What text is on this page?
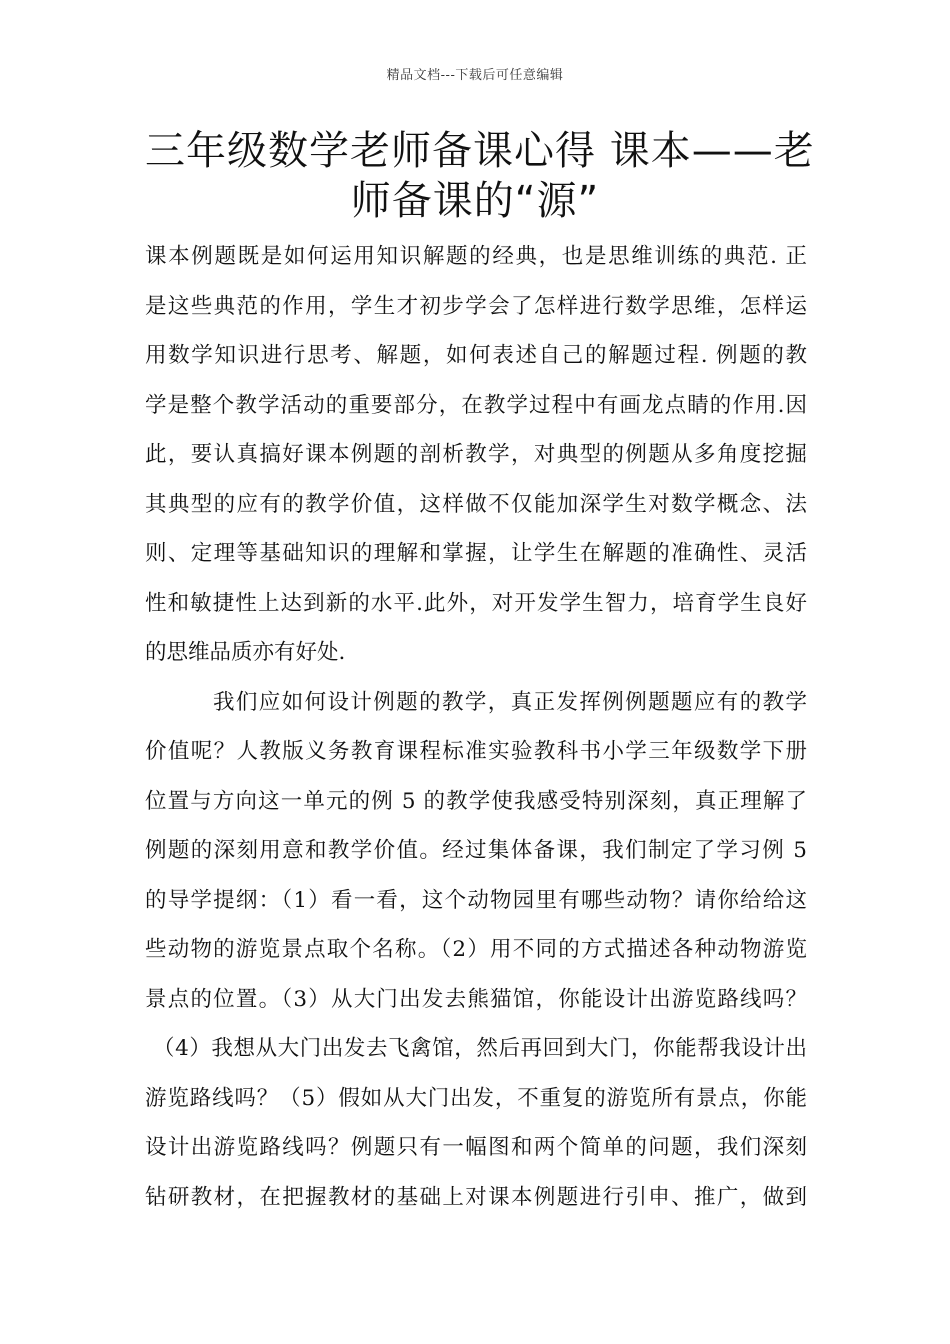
精品文档---下载后可任意编辑
三年级数学老师备课心得 课本——老
师备课的“源”
课本例题既是如何运用知识解题的经典，也是思维训练的典范. 正
是这些典范的作用，学生才初步学会了怎样进行数学思维，怎样运
用数学知识进行思考、解题，如何表述自己的解题过程. 例题的教
学是整个教学活动的重要部分，在教学过程中有画龙点睛的作用.因
此，要认真搞好课本例题的剖析教学，对典型的例题从多角度挖掘
其典型的应有的教学价值，这样做不仅能加深学生对数学概念、法
则、定理等基础知识的理解和掌握，让学生在解题的准确性、灵活
性和敏捷性上达到新的水平.此外，对开发学生智力，培育学生良好
的思维品质亦有好处.
我们应如何设计例题的教学，真正发挥例例题题应有的教学
价值呢？人教版义务教育课程标准实验教科书小学三年级数学下册
位置与方向这一单元的例 5 的教学使我感受特别深刻，真正理解了
例题的深刻用意和教学价值。经过集体备课，我们制定了学习例 5
的导学提纲：（1）看一看，这个动物园里有哪些动物？请你给给这
些动物的游览景点取个名称。（2）用不同的方式描述各种动物游览
景点的位置。（3）从大门出发去熊猫馆，你能设计出游览路线吗？
（4）我想从大门出发去飞禽馆，然后再回到大门，你能帮我设计出
游览路线吗？（5）假如从大门出发，不重复的游览所有景点，你能
设计出游览路线吗？例题只有一幅图和两个简单的问题，我们深刻
钻研教材，在把握教材的基础上对课本例题进行引申、推广，做到
